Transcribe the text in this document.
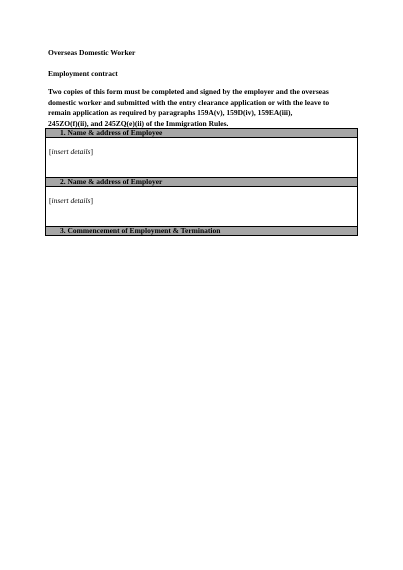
Overseas Domestic Worker
Employment contract
Two copies of this form must be completed and signed by the employer and the overseas
domestic worker and submitted with the entry clearance application or with the leave to
remain application as required by paragraphs 159A(v), 159D(iv), 159EA(iii),
245ZO(f)(ii), and 245ZQ(e)(ii) of the Immigration Rules.
1. Name & address of Employee
[insert details]
2. Name & address of Employer
[insert details]
3. Commencement of Employment & Termination
